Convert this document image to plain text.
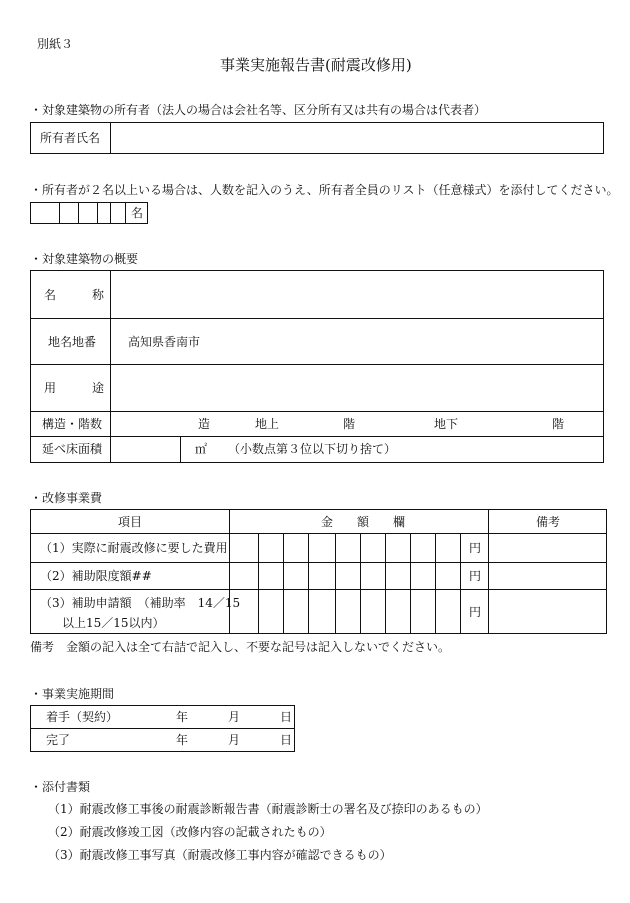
別紙３
事業実施報告書(耐震改修用)
・対象建築物の所有者（法人の場合は会社名等、区分所有又は共有の場合は代表者）
所有者氏名
・所有者が２名以上いる場合は、人数を記入のうえ、所有者全員のリスト（任意様式）を添付してください。
名
・対象建築物の概要
名　　　称
地名地番	高知県香南市
用　　　途
構造・階数	造	地上	階	地下	階
延べ床面積	㎡ （小数点第３位以下切り捨て）
・改修事業費
項目	金　　額　　欄	備考
（1）実際に耐震改修に要した費用	円
（2）補助限度額##	円
（3）補助申請額　（補助率　14／15
以上15／15以内）
円
備考　金額の記入は全て右詰で記入し、不要な記号は記入しないでください。
・事業実施期間
着手（契約）	年	月	日
完了	年	月	日
・添付書類
（1）耐震改修工事後の耐震診断報告書（耐震診断士の署名及び捺印のあるもの）
（2）耐震改修竣工図（改修内容の記載されたもの）
（3）耐震改修工事写真（耐震改修工事内容が確認できるもの）
